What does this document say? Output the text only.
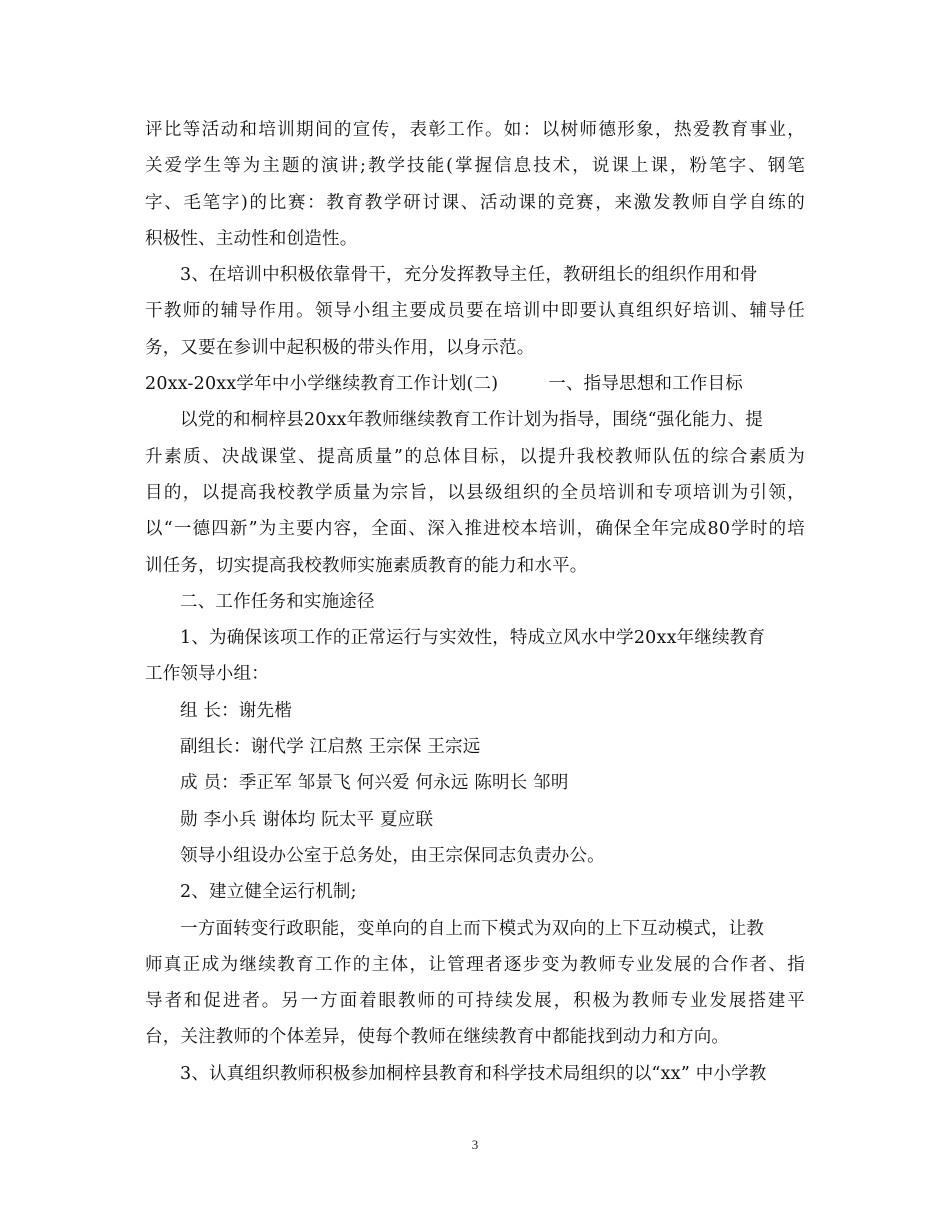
评比等活动和培训期间的宣传，表彰工作。如：以树师德形象，热爱教育事业，
关爱学生等为主题的演讲;教学技能(掌握信息技术，说课上课，粉笔字、钢笔
字、毛笔字)的比赛：教育教学研讨课、活动课的竞赛，来激发教师自学自练的
积极性、主动性和创造性。
3、在培训中积极依靠骨干，充分发挥教导主任，教研组长的组织作用和骨
干教师的辅导作用。领导小组主要成员要在培训中即要认真组织好培训、辅导任
务，又要在参训中起积极的带头作用，以身示范。
20xx-20xx学年中小学继续教育工作计划(二)	一、指导思想和工作目标
以党的和桐梓县20xx年教师继续教育工作计划为指导，围绕“强化能力、提
升素质、决战课堂、提高质量”的总体目标，以提升我校教师队伍的综合素质为
目的，以提高我校教学质量为宗旨，以县级组织的全员培训和专项培训为引领，
以“一德四新”为主要内容，全面、深入推进校本培训，确保全年完成80学时的培
训任务，切实提高我校教师实施素质教育的能力和水平。
二、工作任务和实施途径
1、为确保该项工作的正常运行与实效性，特成立风水中学20xx年继续教育
工作领导小组：
组 长：谢先楷
副组长：谢代学 江启熬 王宗保 王宗远
成 员：季正军 邹景飞 何兴爱 何永远 陈明长 邹明
勋 李小兵 谢体均 阮太平 夏应联
领导小组设办公室于总务处，由王宗保同志负责办公。
2、建立健全运行机制;
一方面转变行政职能，变单向的自上而下模式为双向的上下互动模式，让教
师真正成为继续教育工作的主体，让管理者逐步变为教师专业发展的合作者、指
导者和促进者。另一方面着眼教师的可持续发展，积极为教师专业发展搭建平
台，关注教师的个体差异，使每个教师在继续教育中都能找到动力和方向。
3、认真组织教师积极参加桐梓县教育和科学技术局组织的以“xx” 中小学教
3
